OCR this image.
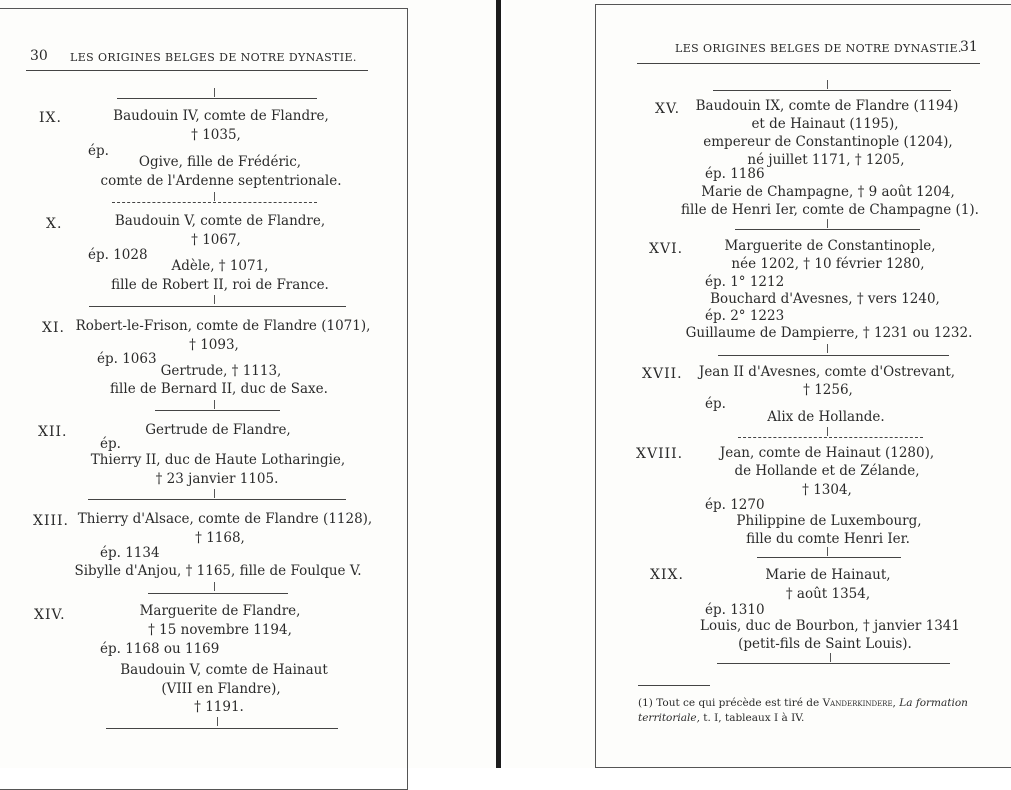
30 LES ORIGINES BELGES DE NOTRE DYNASTIE.
IX.	Baudouin IV, comte de Flandre,
† 1035,
ép.
Ogive, fille de Frédéric,
comte de l'Ardenne septentrionale.
X.	Baudouin V, comte de Flandre,
† 1067,
ép. 1028
Adèle, † 1071,
fille de Robert II, roi de France.
XI. Robert-le-Frison, comte de Flandre (1071),
† 1093,
ép. 1063
Gertrude, † 1113,
fille de Bernard II, duc de Saxe.
XII.	Gertrude de Flandre,
ép.
Thierry II, duc de Haute Lotharingie,
† 23 janvier 1105.
XIII. Thierry d'Alsace, comte de Flandre (1128),
† 1168,
ép. 1134
Sibylle d'Anjou, † 1165, fille de Foulque V.
XIV.	Marguerite de Flandre,
† 15 novembre 1194,
ép. 1168 ou 1169
Baudouin V, comte de Hainaut
(VIII en Flandre),
† 1191.
LES ORIGINES BELGES DE NOTRE DYNASTIE.
31
XV. Baudouin IX, comte de Flandre (1194)
et de Hainaut (1195),
empereur de Constantinople (1204),
né juillet 1171, † 1205,
ép. 1186
Marie de Champagne, † 9 août 1204,
fille de Henri Ier, comte de Champagne (1).
XVI.	Marguerite de Constantinople,
née 1202, † 10 février 1280,
ép. 1° 1212
Bouchard d'Avesnes, † vers 1240,
ép. 2° 1223
Guillaume de Dampierre, † 1231 ou 1232.
XVII. Jean II d'Avesnes, comte d'Ostrevant,
† 1256,
ép.
Alix de Hollande.
XVIII.	Jean, comte de Hainaut (1280),
de Hollande et de Zélande,
† 1304,
ép. 1270
Philippine de Luxembourg,
fille du comte Henri Ier.
XIX.	Marie de Hainaut,
† août 1354,
ép. 1310
Louis, duc de Bourbon, † janvier 1341
(petit-fils de Saint Louis).
(1) Tout ce qui précède est tiré de Vanderkindere, La formation
territoriale, t. I, tableaux I à IV.
